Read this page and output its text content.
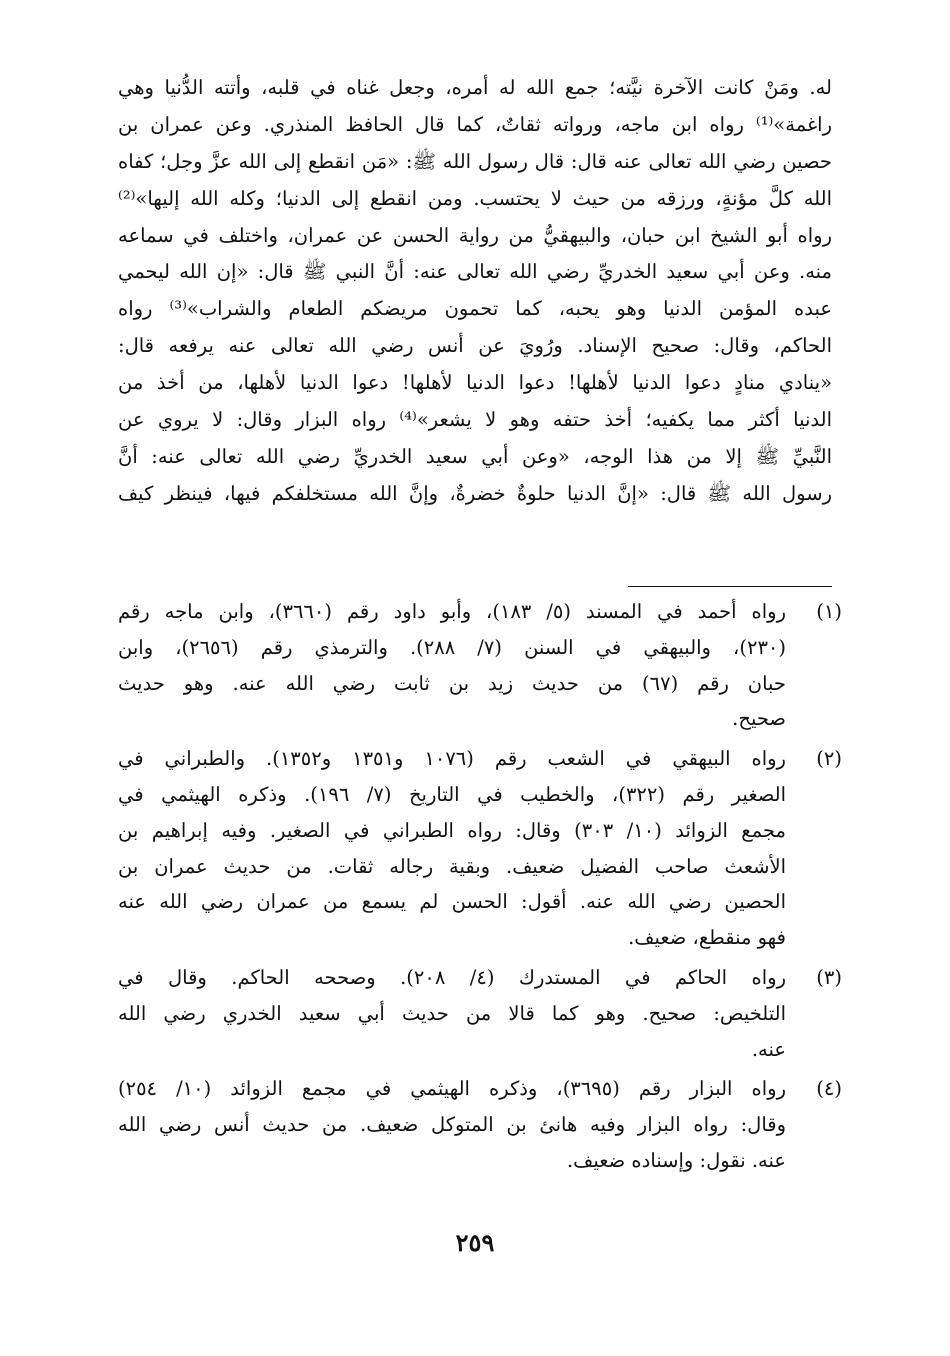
له. ومَنْ كانت الآخرة نيَّته؛ جمع الله له أمره، وجعل غناه في قلبه، وأتته الدُّنيا وهي
راغمة»⁽¹⁾ رواه ابن ماجه، ورواته ثقاتٌ، كما قال الحافظ المنذري. وعن عمران بن
حصين رضي الله تعالى عنه قال: قال رسول الله ﷺ: «مَن انقطع إلى الله عزَّ وجل؛ كفاه
الله كلَّ مؤنةٍ، ورزقه من حيث لا يحتسب. ومن انقطع إلى الدنيا؛ وكله الله إليها»⁽²⁾
رواه أبو الشيخ ابن حبان، والبيهقيُّ من رواية الحسن عن عمران، واختلف في سماعه
منه. وعن أبي سعيد الخدريِّ رضي الله تعالى عنه: أنَّ النبي ﷺ قال: «إن الله ليحمي
عبده المؤمن الدنيا وهو يحبه، كما تحمون مريضكم الطعام والشراب»⁽³⁾ رواه
الحاكم، وقال: صحيح الإسناد. ورُويَ عن أنس رضي الله تعالى عنه يرفعه قال:
«ينادي منادٍ دعوا الدنيا لأهلها! دعوا الدنيا لأهلها! دعوا الدنيا لأهلها، من أخذ من
الدنيا أكثر مما يكفيه؛ أخذ حتفه وهو لا يشعر»⁽⁴⁾ رواه البزار وقال: لا يروي عن
النَّبيِّ ﷺ إلا من هذا الوجه، «وعن أبي سعيد الخدريِّ رضي الله تعالى عنه: أنَّ
رسول الله ﷺ قال: «إنَّ الدنيا حلوةٌ خضرةٌ، وإنَّ الله مستخلفكم فيها، فينظر كيف
(١)
رواه أحمد في المسند (٥/ ١٨٣)، وأبو داود رقم (٣٦٦٠)، وابن ماجه رقم
(٢٣٠)، والبيهقي في السنن (٧/ ٢٨٨). والترمذي رقم (٢٦٥٦)، وابن
حبان رقم (٦٧) من حديث زيد بن ثابت رضي الله عنه. وهو حديث
صحيح.
(٢)
رواه البيهقي في الشعب رقم (١٠٧٦ و١٣٥١ و١٣٥٢). والطبراني في
الصغير رقم (٣٢٢)، والخطيب في التاريخ (٧/ ١٩٦). وذكره الهيثمي في
مجمع الزوائد (١٠/ ٣٠٣) وقال: رواه الطبراني في الصغير. وفيه إبراهيم بن
الأشعث صاحب الفضيل ضعيف. وبقية رجاله ثقات. من حديث عمران بن
الحصين رضي الله عنه. أقول: الحسن لم يسمع من عمران رضي الله عنه
فهو منقطع، ضعيف.
(٣)
رواه الحاكم في المستدرك (٤/ ٢٠٨). وصححه الحاكم. وقال في
التلخيص: صحيح. وهو كما قالا من حديث أبي سعيد الخدري رضي الله
عنه.
(٤)
رواه البزار رقم (٣٦٩٥)، وذكره الهيثمي في مجمع الزوائد (١٠/ ٢٥٤)
وقال: رواه البزار وفيه هانئ بن المتوكل ضعيف. من حديث أنس رضي الله
عنه. نقول: وإسناده ضعيف.
٢٥٩
